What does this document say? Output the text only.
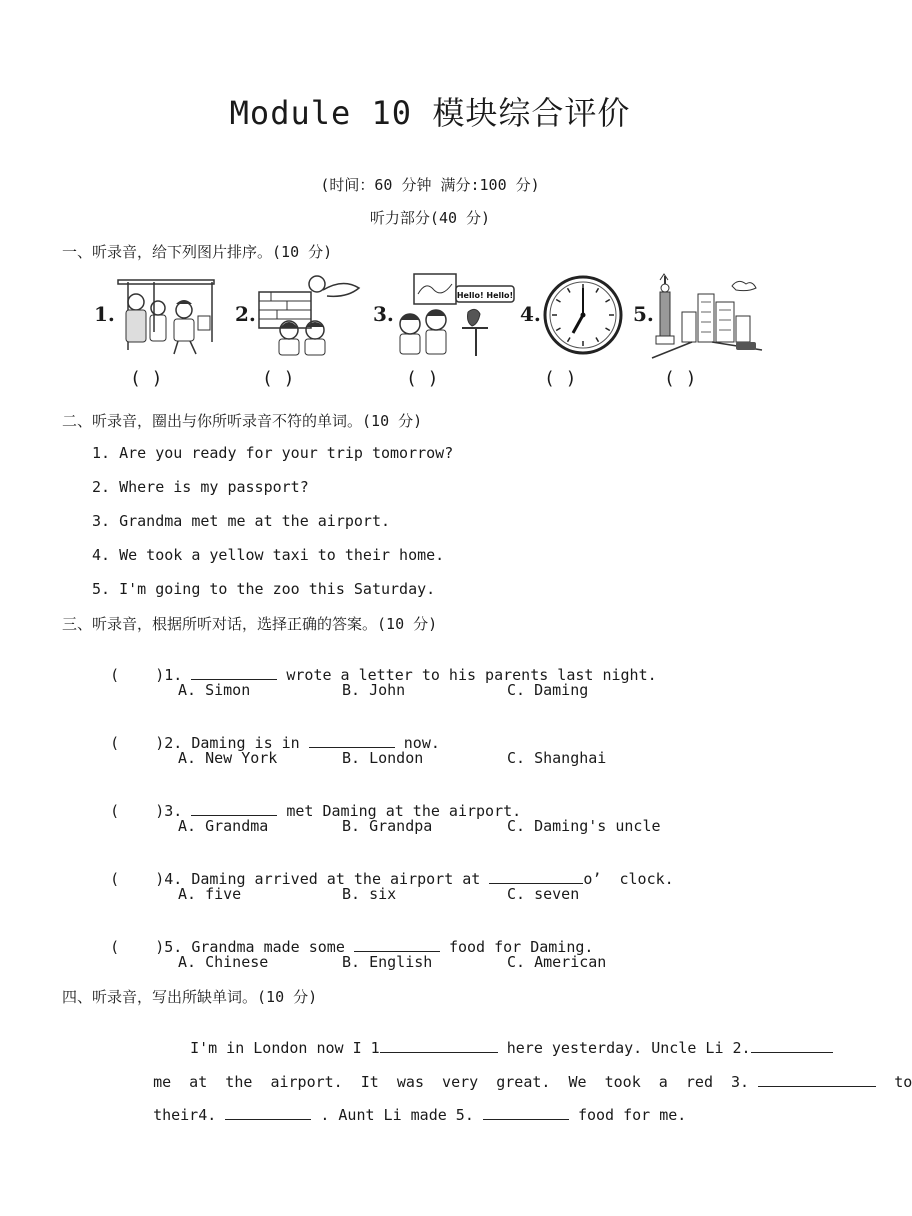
Module 10 模块综合评价
(时间：60 分钟 满分:100 分)
听力部分(40 分)
一、听录音，给下列图片排序。(10 分)
1.	2.	3.
Hello! Hello!
4.	5.
( )	( )	( )	( )	( )
二、听录音，圈出与你所听录音不符的单词。(10 分)
1. Are you ready for your trip tomorrow?
2. Where is my passport?
3. Grandma met me at the airport.
4. We took a yellow taxi to their home.
5. I'm going to the zoo this Saturday.
三、听录音，根据所听对话，选择正确的答案。(10 分)

(    )1.	wrote a letter to his parents last night.

A. Simon	B. John	C. Daming

(    )2. Daming is in	now.

A. New York	B. London	C. Shanghai

(    )3.	met Daming at the airport.

A. Grandma	B. Grandpa	C. Daming's uncle

(    )4. Daming arrived at the airport at	o’  clock.

A. five	B. six	C. seven

(    )5. Grandma made some	food for Daming.

A. Chinese	B. English	C. American
四、听录音，写出所缺单词。(10 分)

I'm in London now I 1	here yesterday. Uncle Li 2.

me  at  the  airport.  It  was  very  great.  We  took  a  red  3.	to

their4.	. Aunt Li made 5.	food for me.
